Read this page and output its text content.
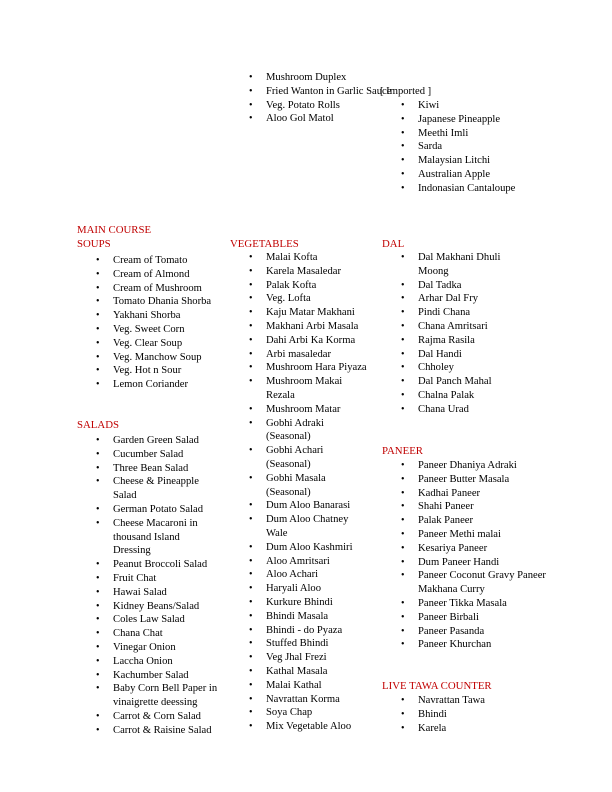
• Mushroom Duplex
• Fried Wanton in Garlic Sauce
• Veg. Potato Rolls
• Aloo Gol Matol
[ Imported ]
• Kiwi
• Japanese Pineapple
• Meethi Imli
• Sarda
• Malaysian Litchi
• Australian Apple
• Indonasian Cantaloupe
MAIN COURSE
SOUPS	VEGETABLES	DAL
• Cream of Tomato
• Cream of Almond
• Cream of Mushroom
• Tomato Dhania Shorba
• Yakhani Shorba
• Veg. Sweet Corn
• Veg. Clear Soup
• Veg. Manchow Soup
• Veg. Hot n Sour
• Lemon Coriander
SALADS
• Garden Green Salad
• Cucumber Salad
• Three Bean Salad
• Cheese & Pineapple Salad
• German Potato Salad
• Cheese Macaroni in thousand Island Dressing
• Peanut Broccoli Salad
• Fruit Chat
• Hawai Salad
• Kidney Beans/Salad
• Coles Law Salad
• Chana Chat
• Vinegar Onion
• Laccha Onion
• Kachumber Salad
• Baby Corn Bell Paper in vinaigrette deessing
• Carrot & Corn Salad
• Carrot & Raisine Salad
• Malai Kofta
• Karela Masaledar
• Palak Kofta
• Veg. Lofta
• Kaju Matar Makhani
• Makhani Arbi Masala
• Dahi Arbi Ka Korma
• Arbi masaledar
• Mushroom Hara Piyaza
• Mushroom Makai Rezala
• Mushroom Matar
• Gobhi Adraki (Seasonal)
• Gobhi Achari (Seasonal)
• Gobhi Masala (Seasonal)
• Dum Aloo Banarasi
• Dum Aloo Chatney Wale
• Dum Aloo Kashmiri
• Aloo Amritsari
• Aloo Achari
• Haryali Aloo
• Kurkure Bhindi
• Bhindi Masala
• Bhindi - do Pyaza
• Stuffed Bhindi
• Veg Jhal Frezi
• Kathal Masala
• Malai Kathal
• Navrattan Korma
• Soya Chap
• Mix Vegetable Aloo
• Dal Makhani Dhuli Moong
• Dal Tadka
• Arhar Dal Fry
• Pindi Chana
• Chana Amritsari
• Rajma Rasila
• Dal Handi
• Chholey
• Dal Panch Mahal
• Chalna Palak
• Chana Urad
PANEER
• Paneer Dhaniya Adraki
• Paneer Butter Masala
• Kadhai Paneer
• Shahi Paneer
• Palak Paneer
• Paneer Methi malai
• Kesariya Paneer
• Dum Paneer Handi
• Paneer Coconut Gravy Paneer Makhana Curry
• Paneer Tikka Masala
• Paneer Birbali
• Paneer Pasanda
• Paneer Khurchan
LIVE TAWA COUNTER
• Navrattan Tawa
• Bhindi
• Karela
